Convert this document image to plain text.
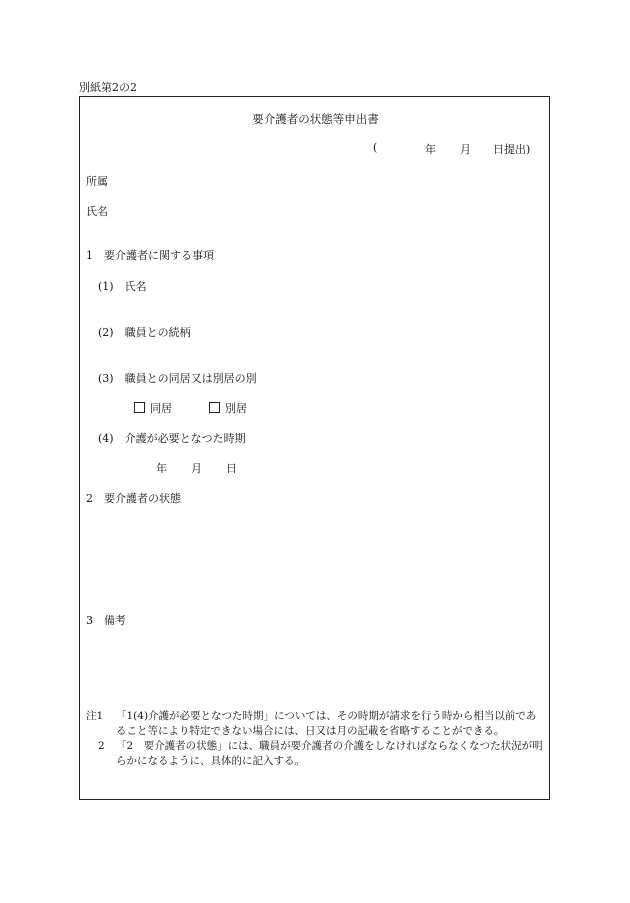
別紙第2の2
要介護者の状態等申出書
(	年 月 日提出)
所属
氏名
1　要介護者に関する事項
(1)　氏名
(2)　職員との続柄
(3)　職員との同居又は別居の別
同居	別居
(4)　介護が必要となつた時期
年 月 日
2　要介護者の状態
3　備考
注1	「1(4)介護が必要となつた時期」については、その時期が請求を行う時から相当以前であること等により特定できない場合には、日又は月の記載を省略することができる。
2	「2　要介護者の状態」には、職員が要介護者の介護をしなければならなくなつた状況が明らかになるように、具体的に記入する。
